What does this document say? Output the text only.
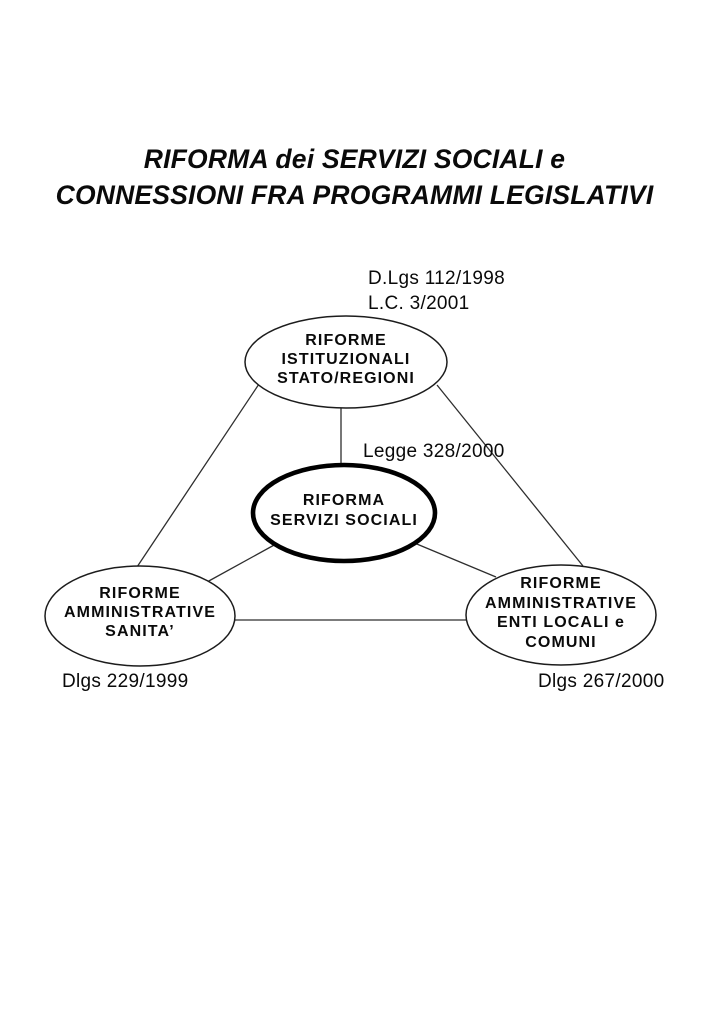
RIFORMA dei SERVIZI SOCIALI e
CONNESSIONI FRA PROGRAMMI LEGISLATIVI
RIFORME
ISTITUZIONALI
STATO/REGIONI
RIFORMA
SERVIZI SOCIALI
RIFORME
AMMINISTRATIVE
SANITA’
RIFORME
AMMINISTRATIVE
ENTI LOCALI e
COMUNI
D.Lgs 112/1998
L.C. 3/2001
Legge 328/2000
Dlgs 229/1999	Dlgs 267/2000
